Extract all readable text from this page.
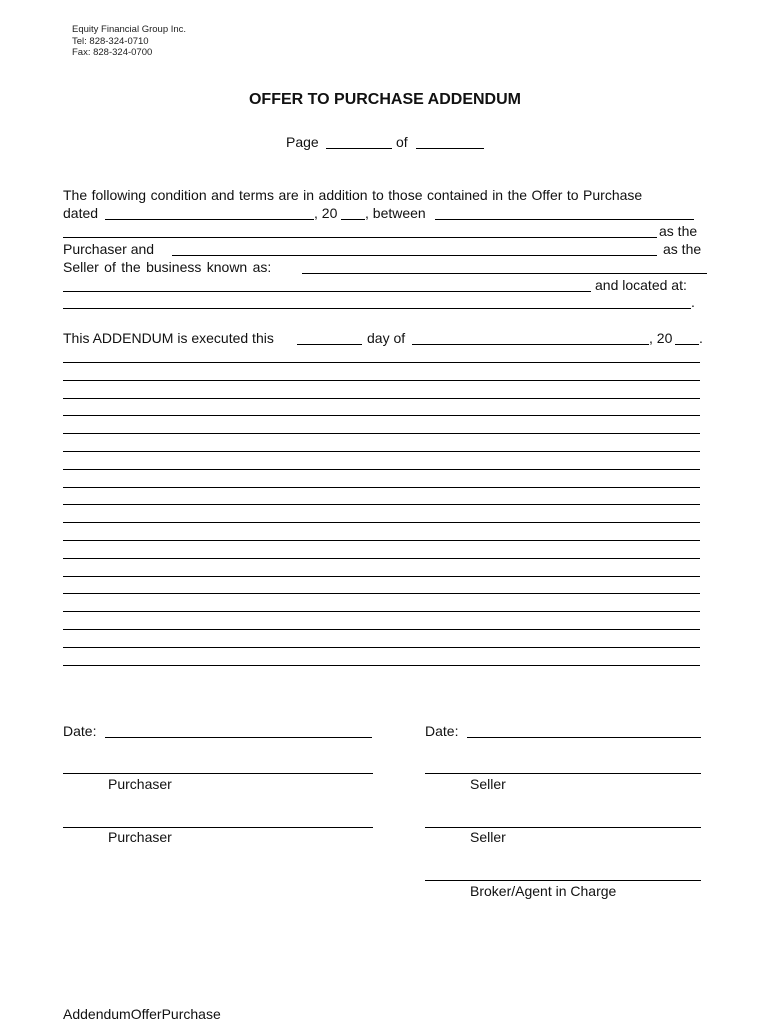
Equity Financial Group Inc.
Tel: 828-324-0710
Fax: 828-324-0700
OFFER TO PURCHASE ADDENDUM
Page	of
The following condition and terms are in addition to those contained in the Offer to Purchase
dated	, 20 , between
as the
Purchaser and	as the
Seller of the business known as:
and located at:
.
This ADDENDUM is executed this	day of	, 20 .
Date:	Date:
Purchaser	Seller
Purchaser	Seller
Broker/Agent in Charge
AddendumOfferPurchase
